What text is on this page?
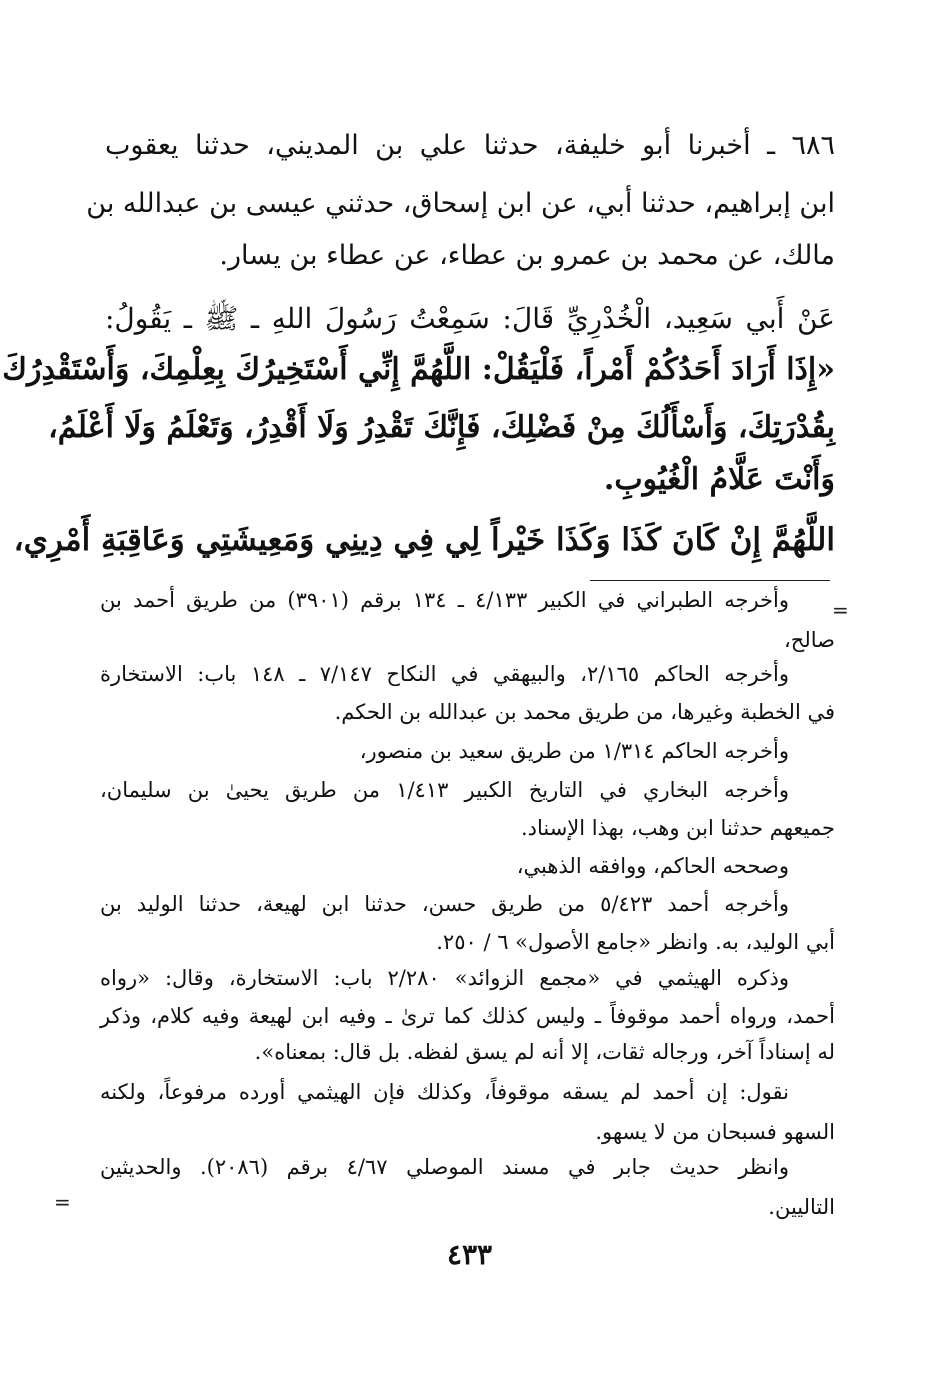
٦٨٦ ـ أخبرنا أبو خليفة، حدثنا علي بن المديني، حدثنا يعقوب
ابن إبراهيم، حدثنا أبي، عن ابن إسحاق، حدثني عيسى بن عبدالله بن
مالك، عن محمد بن عمرو بن عطاء، عن عطاء بن يسار.
عَنْ أَبي سَعِيد، الْخُدْرِيِّ قَالَ: سَمِعْتُ رَسُولَ اللهِ ـ ﷺ ـ يَقُولُ:
«إِذَا أَرَادَ أَحَدُكُمْ أَمْراً، فَلْيَقُلْ: اللَّهُمَّ إِنِّي أَسْتَخِيرُكَ بِعِلْمِكَ، وَأَسْتَقْدِرُكَ
بِقُدْرَتِكَ، وَأَسْأَلُكَ مِنْ فَضْلِكَ، فَإِنَّكَ تَقْدِرُ وَلَا أَقْدِرُ، وَتَعْلَمُ وَلَا أَعْلَمُ،
وَأَنْتَ عَلَّامُ الْغُيُوبِ.
اللَّهُمَّ إِنْ كَانَ كَذَا وَكَذَا خَيْراً لِي فِي دِينِي وَمَعِيشَتِي وَعَاقِبَةِ أَمْرِي،
وأخرجه الطبراني في الكبير ٤/١٣٣ ـ ١٣٤ برقم (٣٩٠١) من طريق أحمد بن
صالح،
وأخرجه الحاكم ٢/١٦٥، والبيهقي في النكاح ٧/١٤٧ ـ ١٤٨ باب: الاستخارة
في الخطبة وغيرها، من طريق محمد بن عبدالله بن الحكم.
وأخرجه الحاكم ١/٣١٤ من طريق سعيد بن منصور،
وأخرجه البخاري في التاريخ الكبير ١/٤١٣ من طريق يحيىٰ بن سليمان،
جميعهم حدثنا ابن وهب، بهذا الإسناد.
وصححه الحاكم، ووافقه الذهبي،
وأخرجه أحمد ٥/٤٢٣ من طريق حسن، حدثنا ابن لهيعة، حدثنا الوليد بن
أبي الوليد، به. وانظر «جامع الأصول» ٦ / ٢٥٠.
وذكره الهيثمي في «مجمع الزوائد» ٢/٢٨٠ باب: الاستخارة، وقال: «رواه
أحمد، ورواه أحمد موقوفاً ـ وليس كذلك كما ترىٰ ـ وفيه ابن لهيعة وفيه كلام، وذكر
له إسناداً آخر، ورجاله ثقات، إلا أنه لم يسق لفظه. بل قال: بمعناه».
نقول: إن أحمد لم يسقه موقوفاً، وكذلك فإن الهيثمي أورده مرفوعاً، ولكنه
السهو فسبحان من لا يسهو.
وانظر حديث جابر في مسند الموصلي ٤/٦٧ برقم (٢٠٨٦). والحديثين
التاليين.
=
=
٤٣٣
